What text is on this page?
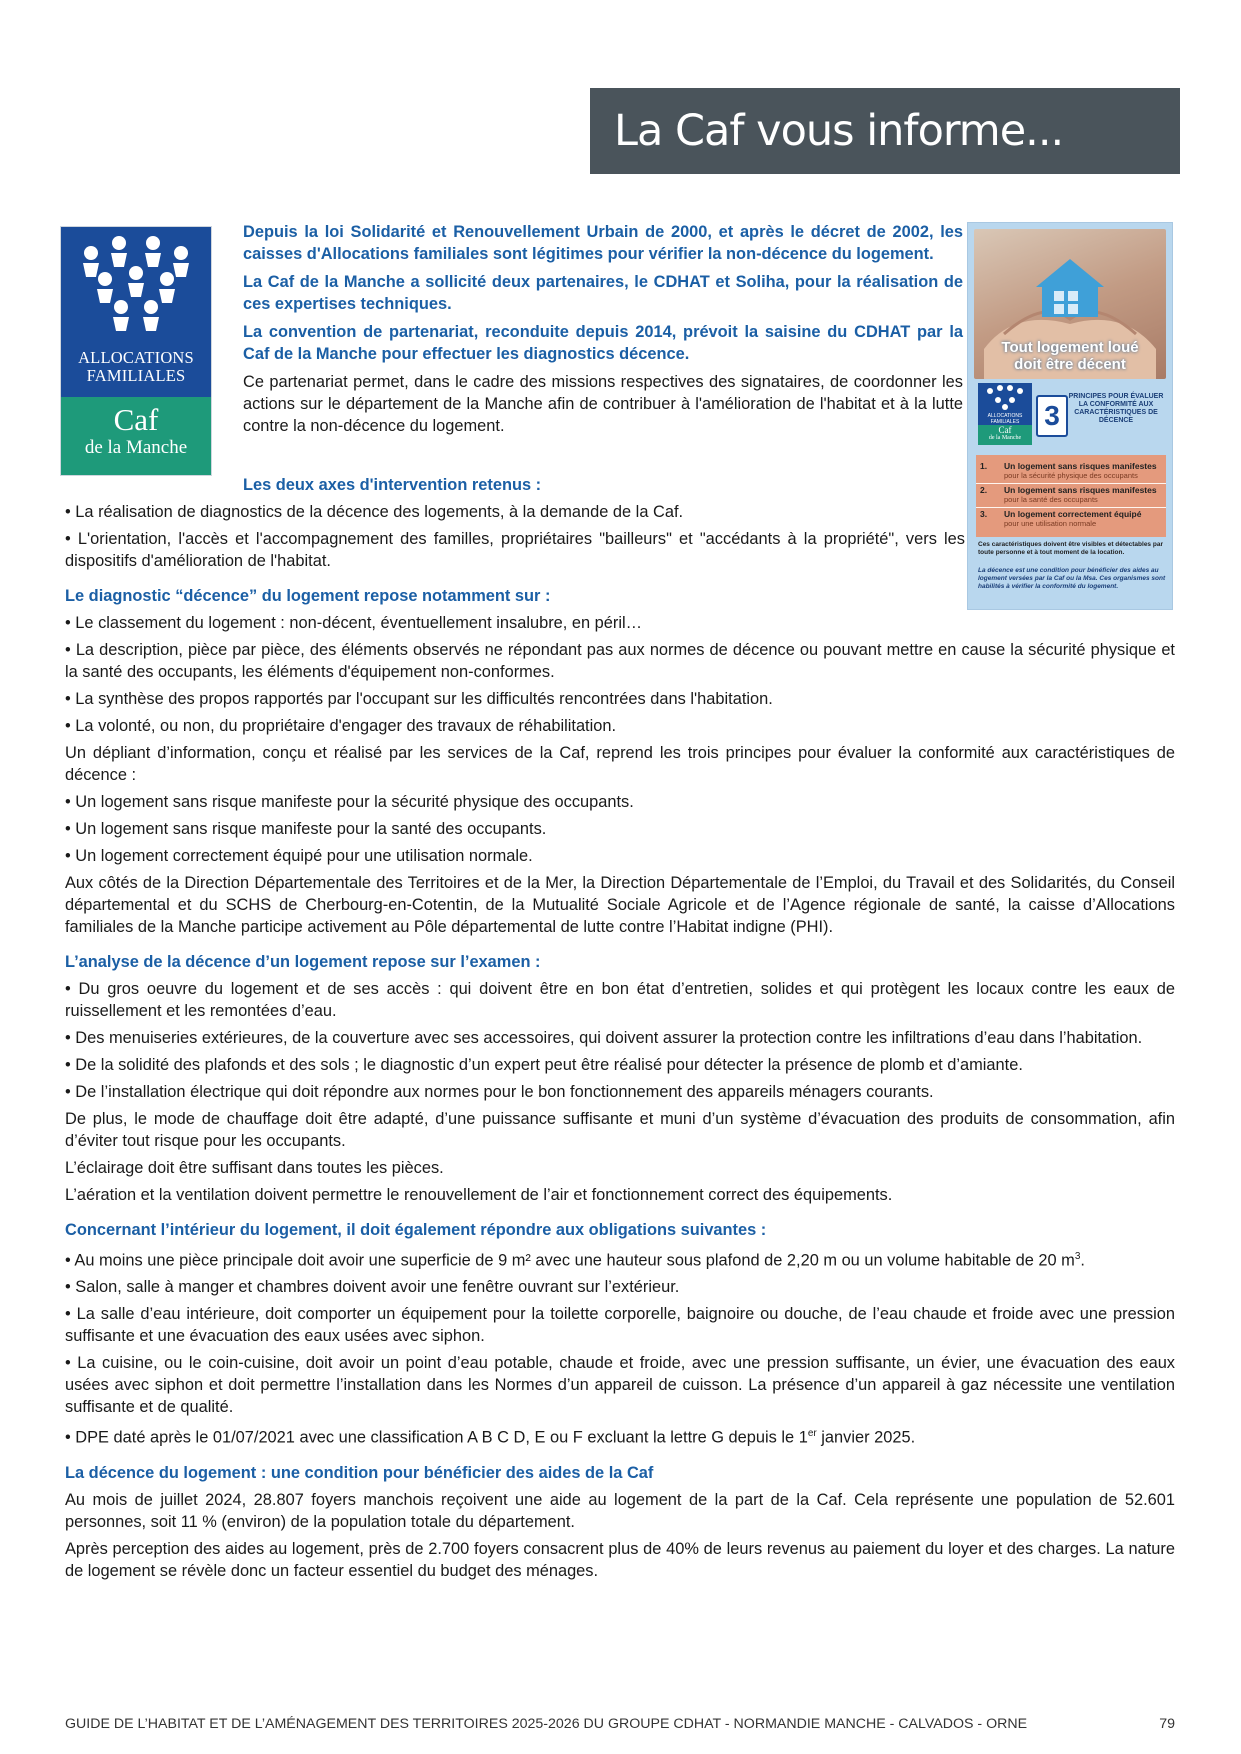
La Caf vous informe...
ALLOCATIONS
FAMILIALES
Caf
de la Manche

Depuis la loi Solidarité et Renouvellement Urbain de 2000, et après le décret de 2002, les caisses d'Allocations familiales sont légitimes pour vérifier la non-décence du logement.

La Caf de la Manche a sollicité deux partenaires, le CDHAT et Soliha, pour la réalisation de ces expertises techniques.

La convention de partenariat, reconduite depuis 2014, prévoit la saisine du CDHAT par la Caf de la Manche pour effectuer les diagnostics décence.

Ce partenariat permet, dans le cadre des missions respectives des signataires, de coordonner les actions sur le département de la Manche afin de contribuer à l'amélioration de l'habitat et à la lutte contre la non-décence du logement.

Les deux axes d'intervention retenus :

• La réalisation de diagnostics de la décence des logements, à la demande de la Caf.

• L'orientation, l'accès et l'accompagnement des familles, propriétaires "bailleurs" et "accédants à la propriété", vers les dispositifs d'amélioration de l'habitat.

Tout logement loué
doit être décent
ALLOCATIONS FAMILIALES
Caf
de la Manche
3
PRINCIPES POUR ÉVALUER LA CONFORMITÉ AUX CARACTÉRISTIQUES DE DÉCENCE
1. Un logement sans risques manifestes
pour la sécurité physique des occupants
2. Un logement sans risques manifestes
pour la santé des occupants
3. Un logement correctement équipé
pour une utilisation normale
Ces caractéristiques doivent être visibles et détectables par toute personne et à tout moment de la location.
La décence est une condition pour bénéficier des aides au logement versées par la Caf ou la Msa. Ces organismes sont habilités à vérifier la conformité du logement.
Le diagnostic “décence” du logement repose notamment sur :

• Le classement du logement : non-décent, éventuellement insalubre, en péril…

• La description, pièce par pièce, des éléments observés ne répondant pas aux normes de décence ou pouvant mettre en cause la sécurité physique et la santé des occupants, les éléments d'équipement non-conformes.

• La synthèse des propos rapportés par l'occupant sur les difficultés rencontrées dans l'habitation.

• La volonté, ou non, du propriétaire d'engager des travaux de réhabilitation.

Un dépliant d’information, conçu et réalisé par les services de la Caf, reprend les trois principes pour évaluer la conformité aux caractéristiques de décence :

• Un logement sans risque manifeste pour la sécurité physique des occupants.

• Un logement sans risque manifeste pour la santé des occupants.

• Un logement correctement équipé pour une utilisation normale.

Aux côtés de la Direction Départementale des Territoires et de la Mer, la Direction Départementale de l’Emploi, du Travail et des Solidarités, du Conseil départemental et du SCHS de Cherbourg-en-Cotentin, de la Mutualité Sociale Agricole et de l’Agence régionale de santé, la caisse d’Allocations familiales de la Manche participe activement au Pôle départemental de lutte contre l’Habitat indigne (PHI).

L’analyse de la décence d’un logement repose sur l’examen :

• Du gros oeuvre du logement et de ses accès : qui doivent être en bon état d’entretien, solides et qui protègent les locaux contre les eaux de ruissellement et les remontées d’eau.

• Des menuiseries extérieures, de la couverture avec ses accessoires, qui doivent assurer la protection contre les infiltrations d’eau dans l’habitation.

• De la solidité des plafonds et des sols ; le diagnostic d’un expert peut être réalisé pour détecter la présence de plomb et d’amiante.

• De l’installation électrique qui doit répondre aux normes pour le bon fonctionnement des appareils ménagers courants.

De plus, le mode de chauffage doit être adapté, d’une puissance suffisante et muni d’un système d’évacuation des produits de consommation, afin d’éviter tout risque pour les occupants.

L’éclairage doit être suffisant dans toutes les pièces.

L’aération et la ventilation doivent permettre le renouvellement de l’air et fonctionnement correct des équipements.

Concernant l’intérieur du logement, il doit également répondre aux obligations suivantes :

• Au moins une pièce principale doit avoir une superficie de 9 m² avec une hauteur sous plafond de 2,20 m ou un volume habitable de 20 $m^3$.

• Salon, salle à manger et chambres doivent avoir une fenêtre ouvrant sur l’extérieur.

• La salle d’eau intérieure, doit comporter un équipement pour la toilette corporelle, baignoire ou douche, de l’eau chaude et froide avec une pression suffisante et une évacuation des eaux usées avec siphon.

• La cuisine, ou le coin-cuisine, doit avoir un point d’eau potable, chaude et froide, avec une pression suffisante, un évier, une évacuation des eaux usées avec siphon et doit permettre l’installation dans les Normes d’un appareil de cuisson. La présence d’un appareil à gaz nécessite une ventilation suffisante et de qualité.

• DPE daté après le 01/07/2021 avec une classification A B C D, E ou F excluant la lettre G depuis le 1er janvier 2025.

La décence du logement : une condition pour bénéficier des aides de la Caf

Au mois de juillet 2024, 28.807 foyers manchois reçoivent une aide au logement de la part de la Caf. Cela représente une population de 52.601 personnes, soit 11 % (environ) de la population totale du département.

Après perception des aides au logement, près de 2.700 foyers consacrent plus de 40% de leurs revenus au paiement du loyer et des charges. La nature de logement se révèle donc un facteur essentiel du budget des ménages.

GUIDE DE L’HABITAT ET DE L’AMÉNAGEMENT DES TERRITOIRES 2025-2026 DU GROUPE CDHAT - NORMANDIE MANCHE - CALVADOS - ORNE	79
